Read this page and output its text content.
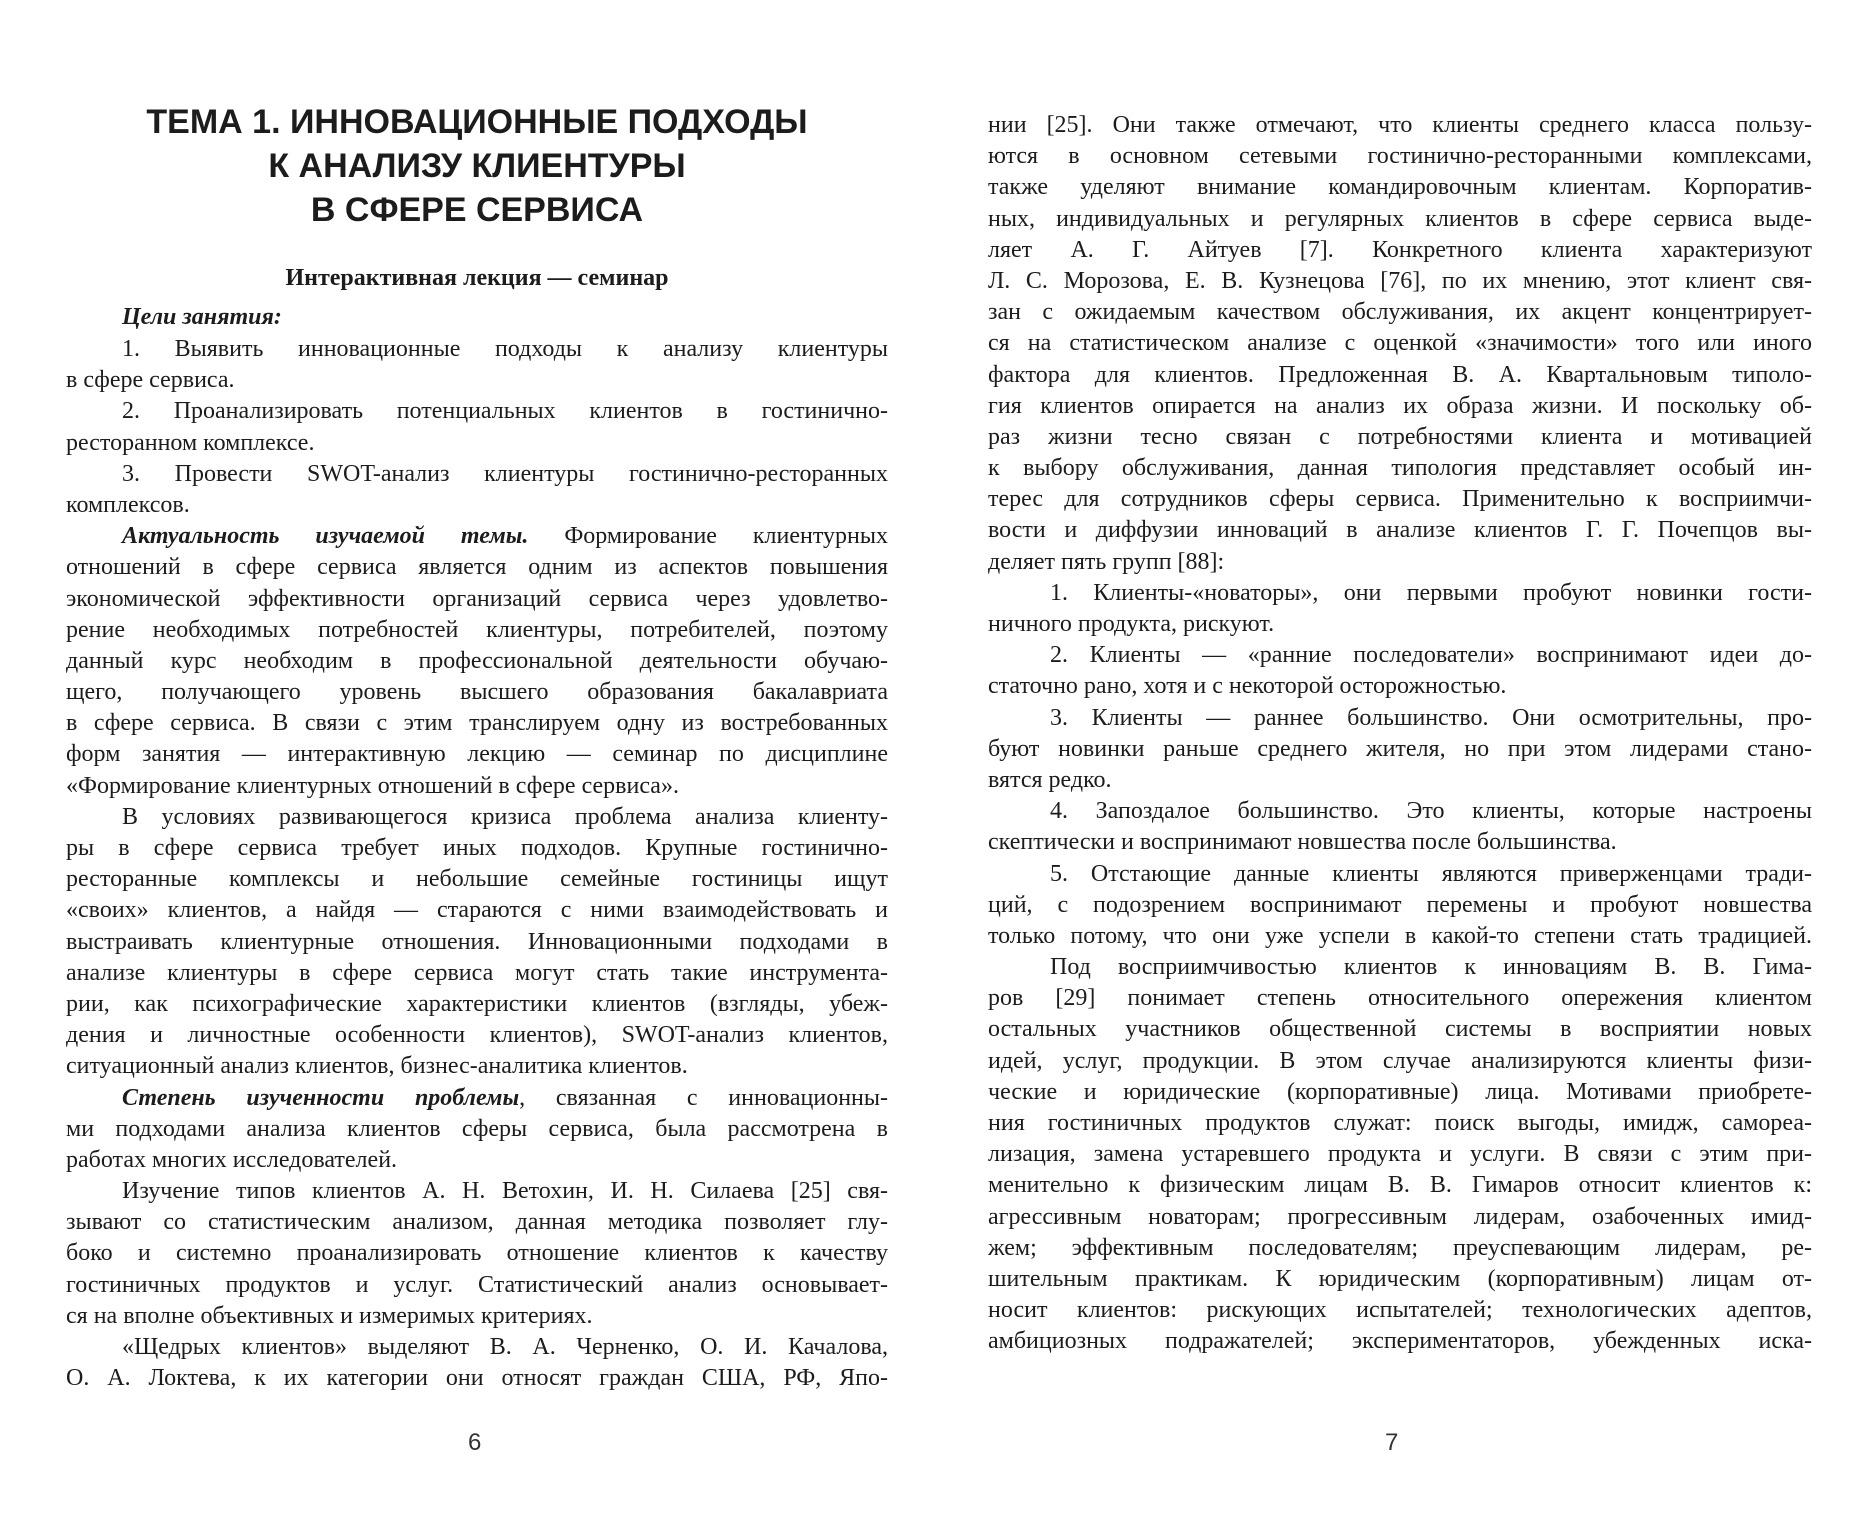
ТЕМА 1. ИННОВАЦИОННЫЕ ПОДХОДЫ
К АНАЛИЗУ КЛИЕНТУРЫ
В СФЕРЕ СЕРВИСА
Интерактивная лекция — семинар
Цели занятия:
1. Выявить инновационные подходы к анализу клиентуры
в сфере сервиса.
2. Проанализировать потенциальных клиентов в гостинично-
ресторанном комплексе.
3. Провести SWOT-анализ клиентуры гостинично-ресторанных
комплексов.
Актуальность изучаемой темы. Формирование клиентурных
отношений в сфере сервиса является одним из аспектов повышения
экономической эффективности организаций сервиса через удовлетво-
рение необходимых потребностей клиентуры, потребителей, поэтому
данный курс необходим в профессиональной деятельности обучаю-
щего, получающего уровень высшего образования бакалавриата
в сфере сервиса. В связи с этим транслируем одну из востребованных
форм занятия — интерактивную лекцию — семинар по дисциплине
«Формирование клиентурных отношений в сфере сервиса».
В условиях развивающегося кризиса проблема анализа клиенту-
ры в сфере сервиса требует иных подходов. Крупные гостинично-
ресторанные комплексы и небольшие семейные гостиницы ищут
«своих» клиентов, а найдя — стараются с ними взаимодействовать и
выстраивать клиентурные отношения. Инновационными подходами в
анализе клиентуры в сфере сервиса могут стать такие инструмента-
рии, как психографические характеристики клиентов (взгляды, убеж-
дения и личностные особенности клиентов), SWOT-анализ клиентов,
ситуационный анализ клиентов, бизнес-аналитика клиентов.
Степень изученности проблемы, связанная с инновационны-
ми подходами анализа клиентов сферы сервиса, была рассмотрена в
работах многих исследователей.
Изучение типов клиентов А. Н. Ветохин, И. Н. Силаева [25] свя-
зывают со статистическим анализом, данная методика позволяет глу-
боко и системно проанализировать отношение клиентов к качеству
гостиничных продуктов и услуг. Статистический анализ основывает-
ся на вполне объективных и измеримых критериях.
«Щедрых клиентов» выделяют В. А. Черненко, О. И. Качалова,
О. А. Локтева, к их категории они относят граждан США, РФ, Япо-
6
нии [25]. Они также отмечают, что клиенты среднего класса пользу-
ются в основном сетевыми гостинично-ресторанными комплексами,
также уделяют внимание командировочным клиентам. Корпоратив-
ных, индивидуальных и регулярных клиентов в сфере сервиса выде-
ляет А. Г. Айтуев [7]. Конкретного клиента характеризуют
Л. С. Морозова, Е. В. Кузнецова [76], по их мнению, этот клиент свя-
зан с ожидаемым качеством обслуживания, их акцент концентрирует-
ся на статистическом анализе с оценкой «значимости» того или иного
фактора для клиентов. Предложенная В. А. Квартальновым типоло-
гия клиентов опирается на анализ их образа жизни. И поскольку об-
раз жизни тесно связан с потребностями клиента и мотивацией
к выбору обслуживания, данная типология представляет особый ин-
терес для сотрудников сферы сервиса. Применительно к восприимчи-
вости и диффузии инноваций в анализе клиентов Г. Г. Почепцов вы-
деляет пять групп [88]:
1. Клиенты-«новаторы», они первыми пробуют новинки гости-
ничного продукта, рискуют.
2. Клиенты — «ранние последователи» воспринимают идеи до-
статочно рано, хотя и с некоторой осторожностью.
3. Клиенты — раннее большинство. Они осмотрительны, про-
буют новинки раньше среднего жителя, но при этом лидерами стано-
вятся редко.
4. Запоздалое большинство. Это клиенты, которые настроены
скептически и воспринимают новшества после большинства.
5. Отстающие данные клиенты являются приверженцами тради-
ций, с подозрением воспринимают перемены и пробуют новшества
только потому, что они уже успели в какой-то степени стать традицией.
Под восприимчивостью клиентов к инновациям В. В. Гима-
ров [29] понимает степень относительного опережения клиентом
остальных участников общественной системы в восприятии новых
идей, услуг, продукции. В этом случае анализируются клиенты физи-
ческие и юридические (корпоративные) лица. Мотивами приобрете-
ния гостиничных продуктов служат: поиск выгоды, имидж, самореа-
лизация, замена устаревшего продукта и услуги. В связи с этим при-
менительно к физическим лицам В. В. Гимаров относит клиентов к:
агрессивным новаторам; прогрессивным лидерам, озабоченных имид-
жем; эффективным последователям; преуспевающим лидерам, ре-
шительным практикам. К юридическим (корпоративным) лицам от-
носит клиентов: рискующих испытателей; технологических адептов,
амбициозных подражателей; экспериментаторов, убежденных иска-
7
